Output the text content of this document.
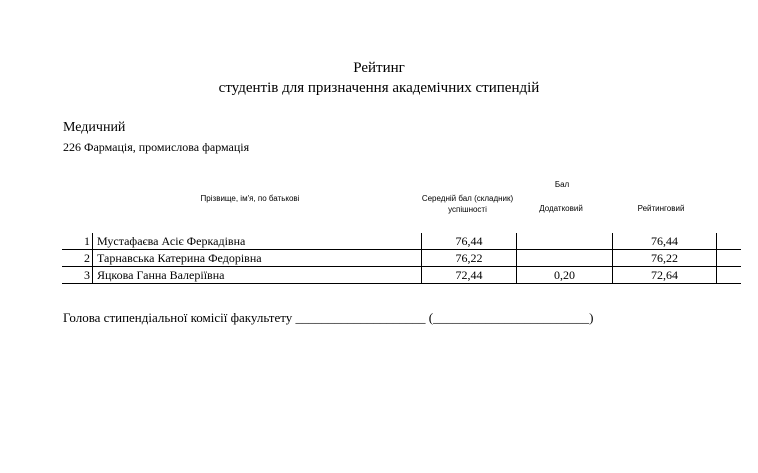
Рейтинг
студентів для призначення академічних стипендій
Медичний
226 Фармація, промислова фармація
Прізвище, ім'я, по батькові
Бал
Середній бал (складник) успішності	Додатковий	Рейтинговий
1	Мустафаєва Асіє Феркадівна	76,44		76,44	
2	Тарнавська Катерина Федорівна	76,22		76,22	
3	Яцкова Ганна Валеріївна	72,44	0,20	72,64	
Голова стипендіальної комісії факультету ____________________ (________________________)
